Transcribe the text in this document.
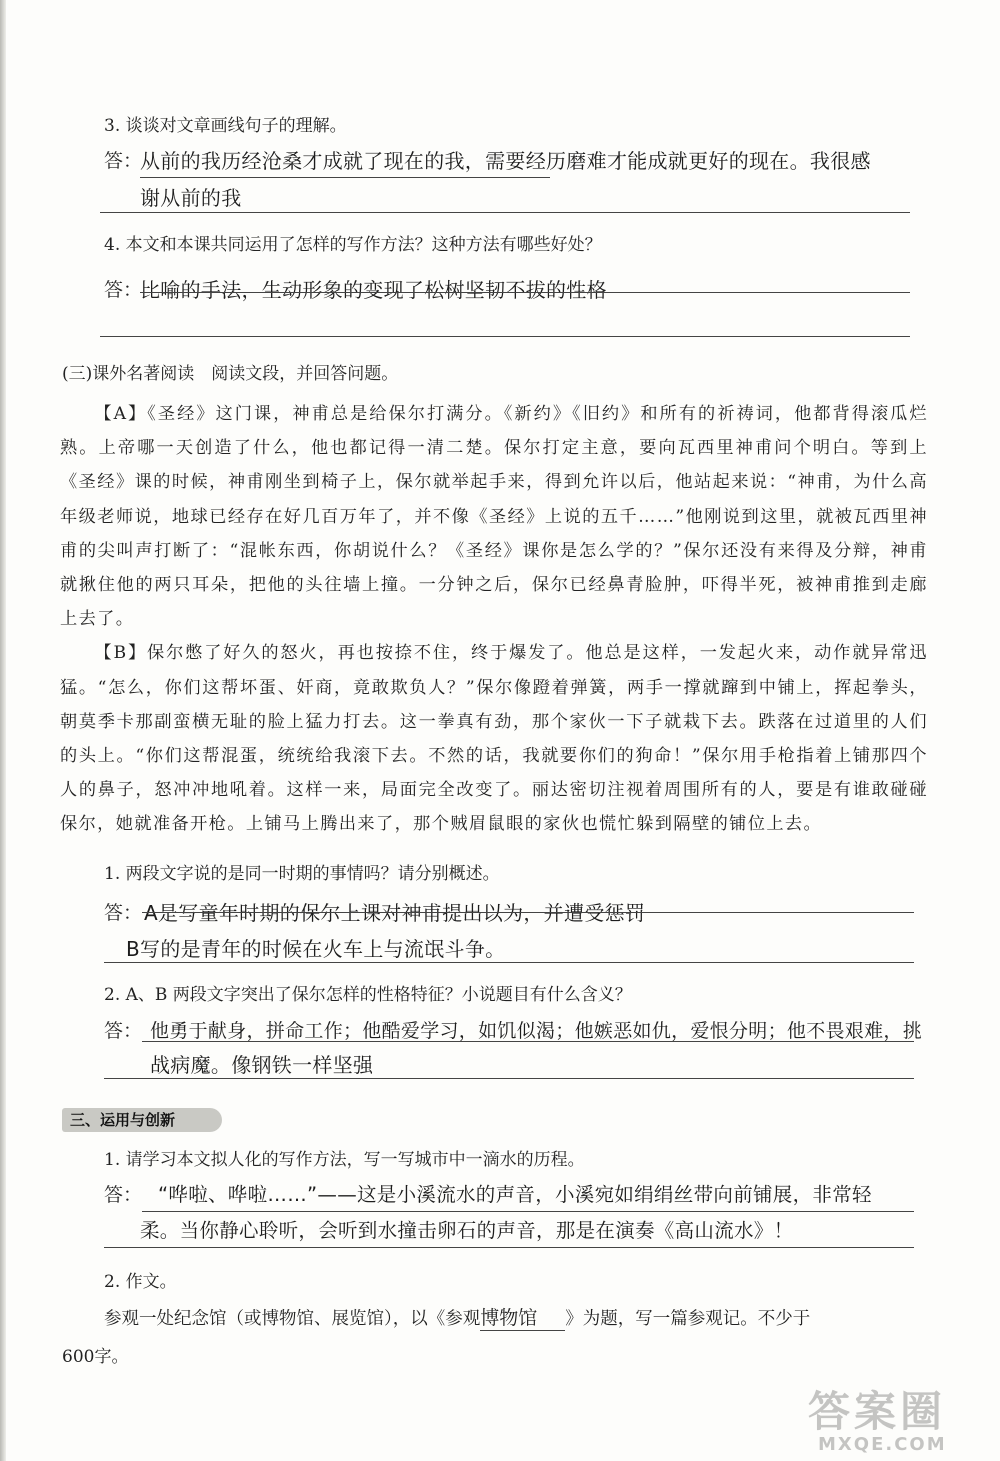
3. 谈谈对文章画线句子的理解。
答：
从前的我历经沧桑才成就了现在的我，需要经历磨难才能成就更好的现在。我很感
谢从前的我
4. 本文和本课共同运用了怎样的写作方法？这种方法有哪些好处？
答：
比喻的手法，生动形象的变现了松树坚韧不拔的性格
(三)课外名著阅读　阅读文段，并回答问题。

【A】《圣经》这门课，神甫总是给保尔打满分。《新约》《旧约》和所有的祈祷词，他都背得滚瓜烂熟。上帝哪一天创造了什么，他也都记得一清二楚。保尔打定主意，要向瓦西里神甫问个明白。等到上《圣经》课的时候，神甫刚坐到椅子上，保尔就举起手来，得到允许以后，他站起来说：“神甫，为什么高年级老师说，地球已经存在好几百万年了，并不像《圣经》上说的五千……”他刚说到这里，就被瓦西里神甫的尖叫声打断了：“混帐东西，你胡说什么？《圣经》课你是怎么学的？”保尔还没有来得及分辩，神甫就揪住他的两只耳朵，把他的头往墙上撞。一分钟之后，保尔已经鼻青脸肿，吓得半死，被神甫推到走廊上去了。

【B】保尔憋了好久的怒火，再也按捺不住，终于爆发了。他总是这样，一发起火来，动作就异常迅猛。“怎么，你们这帮坏蛋、奸商，竟敢欺负人？”保尔像蹬着弹簧，两手一撑就蹿到中铺上，挥起拳头，朝莫季卡那副蛮横无耻的脸上猛力打去。这一拳真有劲，那个家伙一下子就栽下去。跌落在过道里的人们的头上。“你们这帮混蛋，统统给我滚下去。不然的话，我就要你们的狗命！”保尔用手枪指着上铺那四个人的鼻子，怒冲冲地吼着。这样一来，局面完全改变了。丽达密切注视着周围所有的人，要是有谁敢碰碰保尔，她就准备开枪。上铺马上腾出来了，那个贼眉鼠眼的家伙也慌忙躲到隔壁的铺位上去。

1. 两段文字说的是同一时期的事情吗？请分别概述。
答： A是写童年时期的保尔上课对神甫提出以为，并遭受惩罚
B写的是青年的时候在火车上与流氓斗争。
2. A、B 两段文字突出了保尔怎样的性格特征？小说题目有什么含义？
答： 他勇于献身，拼命工作；他酷爱学习，如饥似渴；他嫉恶如仇，爱恨分明；他不畏艰难，挑
战病魔。像钢铁一样坚强
三、运用与创新
1. 请学习本文拟人化的写作方法，写一写城市中一滴水的历程。
答： “哗啦、哗啦……”——这是小溪流水的声音，小溪宛如绢绢丝带向前铺展，非常轻
柔。当你静心聆听，会听到水撞击卵石的声音，那是在演奏《高山流水》！
2. 作文。
参观一处纪念馆（或博物馆、展览馆），以《参观博物馆 》为题，写一篇参观记。不少于
600字。
答案圈
MXQE.COM
